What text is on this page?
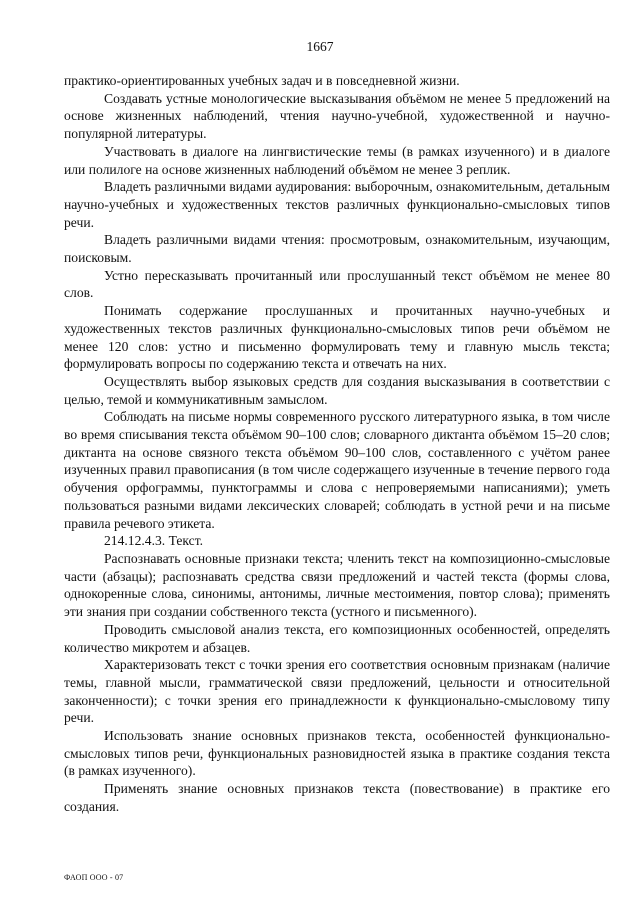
1667

практико-ориентированных учебных задач и в повседневной жизни.

Создавать устные монологические высказывания объёмом не менее 5 предложений на основе жизненных наблюдений, чтения научно-учебной, художественной и научно-популярной литературы.

Участвовать в диалоге на лингвистические темы (в рамках изученного) и в диалоге или полилоге на основе жизненных наблюдений объёмом не менее 3 реплик.

Владеть различными видами аудирования: выборочным, ознакомительным, детальным научно-учебных и художественных текстов различных функционально-смысловых типов речи.

Владеть различными видами чтения: просмотровым, ознакомительным, изучающим, поисковым.

Устно пересказывать прочитанный или прослушанный текст объёмом не менее 80 слов.

Понимать содержание прослушанных и прочитанных научно-учебных и художественных текстов различных функционально-смысловых типов речи объёмом не менее 120 слов: устно и письменно формулировать тему и главную мысль текста; формулировать вопросы по содержанию текста и отвечать на них.

Осуществлять выбор языковых средств для создания высказывания в соответствии с целью, темой и коммуникативным замыслом.

Соблюдать на письме нормы современного русского литературного языка, в том числе во время списывания текста объёмом 90–100 слов; словарного диктанта объёмом 15–20 слов; диктанта на основе связного текста объёмом 90–100 слов, составленного с учётом ранее изученных правил правописания (в том числе содержащего изученные в течение первого года обучения орфограммы, пунктограммы и слова с непроверяемыми написаниями); уметь пользоваться разными видами лексических словарей; соблюдать в устной речи и на письме правила речевого этикета.

214.12.4.3. Текст.

Распознавать основные признаки текста; членить текст на композиционно-смысловые части (абзацы); распознавать средства связи предложений и частей текста (формы слова, однокоренные слова, синонимы, антонимы, личные местоимения, повтор слова); применять эти знания при создании собственного текста (устного и письменного).

Проводить смысловой анализ текста, его композиционных особенностей, определять количество микротем и абзацев.

Характеризовать текст с точки зрения его соответствия основным признакам (наличие темы, главной мысли, грамматической связи предложений, цельности и относительной законченности); с точки зрения его принадлежности к функционально-смысловому типу речи.

Использовать знание основных признаков текста, особенностей функционально-смысловых типов речи, функциональных разновидностей языка в практике создания текста (в рамках изученного).

Применять знание основных признаков текста (повествование) в практике его создания.

ФАОП ООО - 07
